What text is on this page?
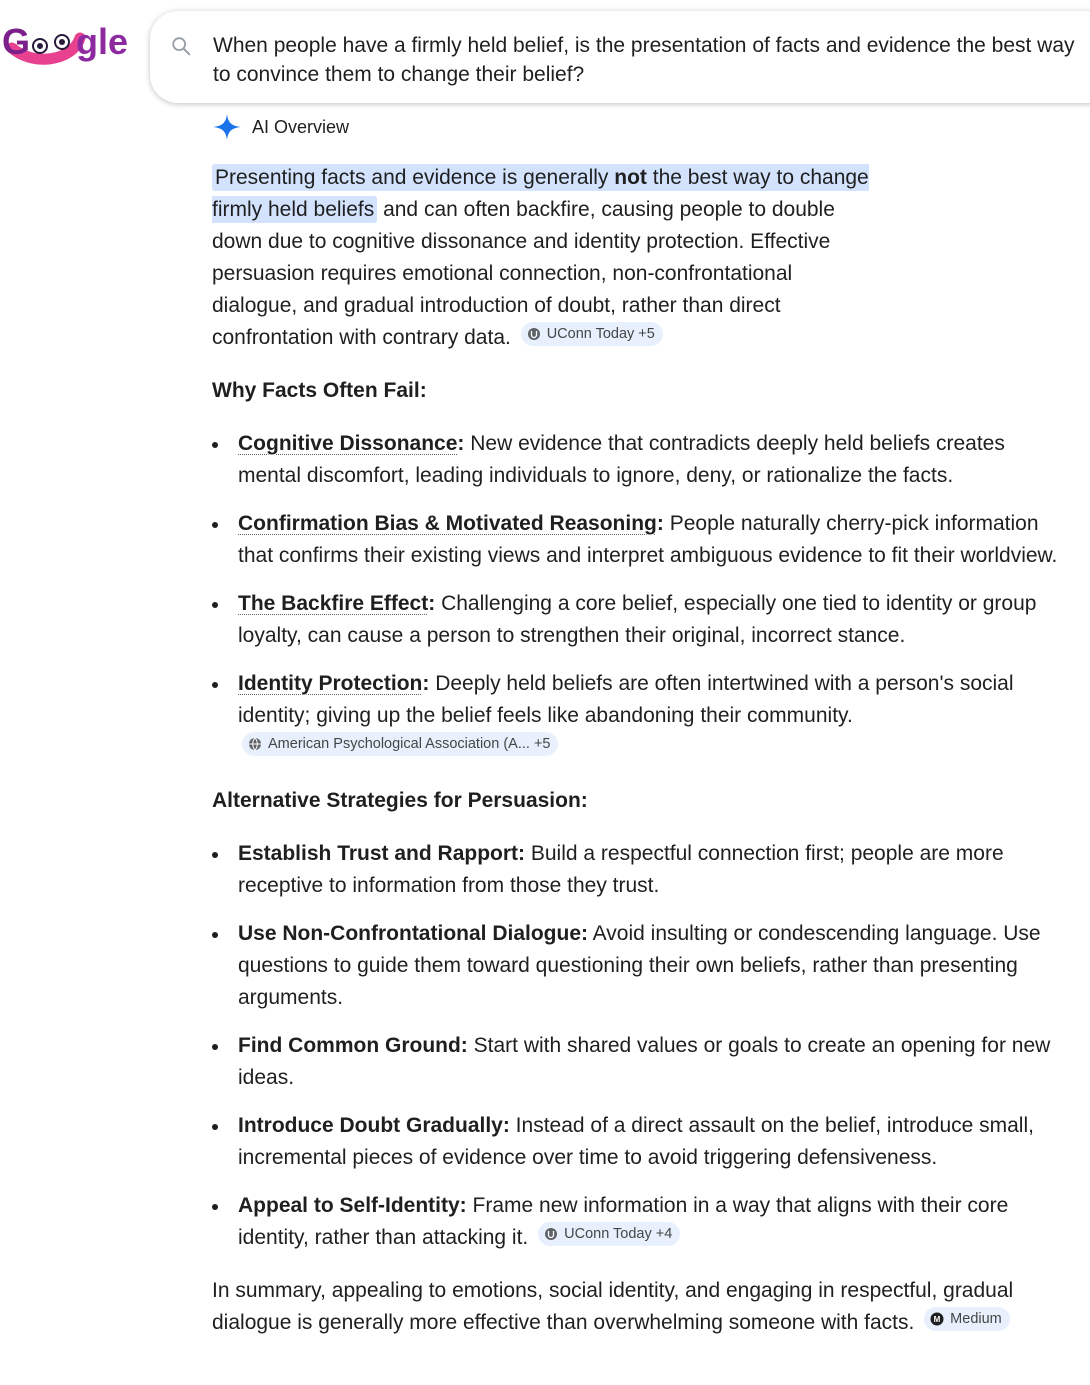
G gle	When people have a firmly held belief, is the presentation of facts and evidence the best way to convince them to change their belief?

AI Overview

Presenting facts and evidence is generally not the best way to change firmly held beliefs and can often backfire, causing people to double down due to cognitive dissonance and identity protection. Effective persuasion requires emotional connection, non-confrontational dialogue, and gradual introduction of doubt, rather than direct confrontation with contrary data. UConn Today +5

Why Facts Often Fail:

Cognitive Dissonance: New evidence that contradicts deeply held beliefs creates mental discomfort, leading individuals to ignore, deny, or rationalize the facts.
Confirmation Bias & Motivated Reasoning: People naturally cherry-pick information that confirms their existing views and interpret ambiguous evidence to fit their worldview.
The Backfire Effect: Challenging a core belief, especially one tied to identity or group loyalty, can cause a person to strengthen their original, incorrect stance.
Identity Protection: Deeply held beliefs are often intertwined with a person's social identity; giving up the belief feels like abandoning their community.
American Psychological Association (A... +5

Alternative Strategies for Persuasion:

Establish Trust and Rapport: Build a respectful connection first; people are more receptive to information from those they trust.
Use Non-Confrontational Dialogue: Avoid insulting or condescending language. Use questions to guide them toward questioning their own beliefs, rather than presenting arguments.
Find Common Ground: Start with shared values or goals to create an opening for new ideas.
Introduce Doubt Gradually: Instead of a direct assault on the belief, introduce small, incremental pieces of evidence over time to avoid triggering defensiveness.
Appeal to Self-Identity: Frame new information in a way that aligns with their core identity, rather than attacking it. UConn Today +4

In summary, appealing to emotions, social identity, and engaging in respectful, gradual dialogue is generally more effective than overwhelming someone with facts. M Medium
